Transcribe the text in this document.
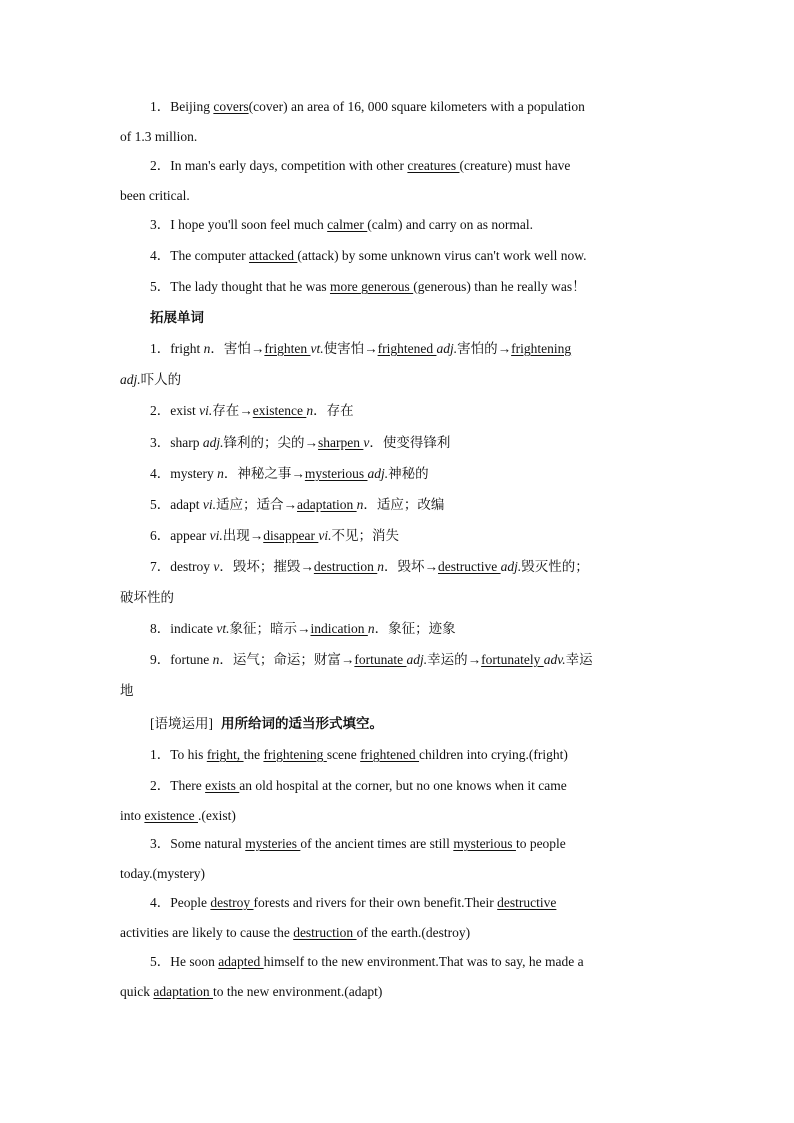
1．Beijing covers(cover) an area of 16, 000 square kilometers with a population
of 1.3 million.
2．In man's early days, competition with other creatures (creature) must have
been critical.
3．I hope you'll soon feel much calmer (calm) and carry on as normal.
4．The computer attacked (attack) by some unknown virus can't work well now.
5．The lady thought that he was more generous (generous) than he really was！
拓展单词
1．fright n．害怕→frighten vt.使害怕→frightened adj.害怕的→frightening
adj.吓人的
2．exist vi.存在→existence n．存在
3．sharp adj.锋利的；尖的→sharpen v．使变得锋利
4．mystery n．神秘之事→mysterious adj.神秘的
5．adapt vi.适应；适合→adaptation n．适应；改编
6．appear vi.出现→disappear vi.不见；消失
7．destroy v．毁坏；摧毁→destruction n．毁坏→destructive adj.毁灭性的；
破坏性的
8．indicate vt.象征；暗示→indication n．象征；迹象
9．fortune n．运气；命运；财富→fortunate adj.幸运的→fortunately adv.幸运
地
[语境运用] 用所给词的适当形式填空。
1．To his fright, the frightening scene frightened children into crying.(fright)
2．There exists an old hospital at the corner, but no one knows when it came
into existence .(exist)
3．Some natural mysteries of the ancient times are still mysterious to people
today.(mystery)
4．People destroy forests and rivers for their own benefit.Their destructive
activities are likely to cause the destruction of the earth.(destroy)
5．He soon adapted himself to the new environment.That was to say, he made a
quick adaptation to the new environment.(adapt)
